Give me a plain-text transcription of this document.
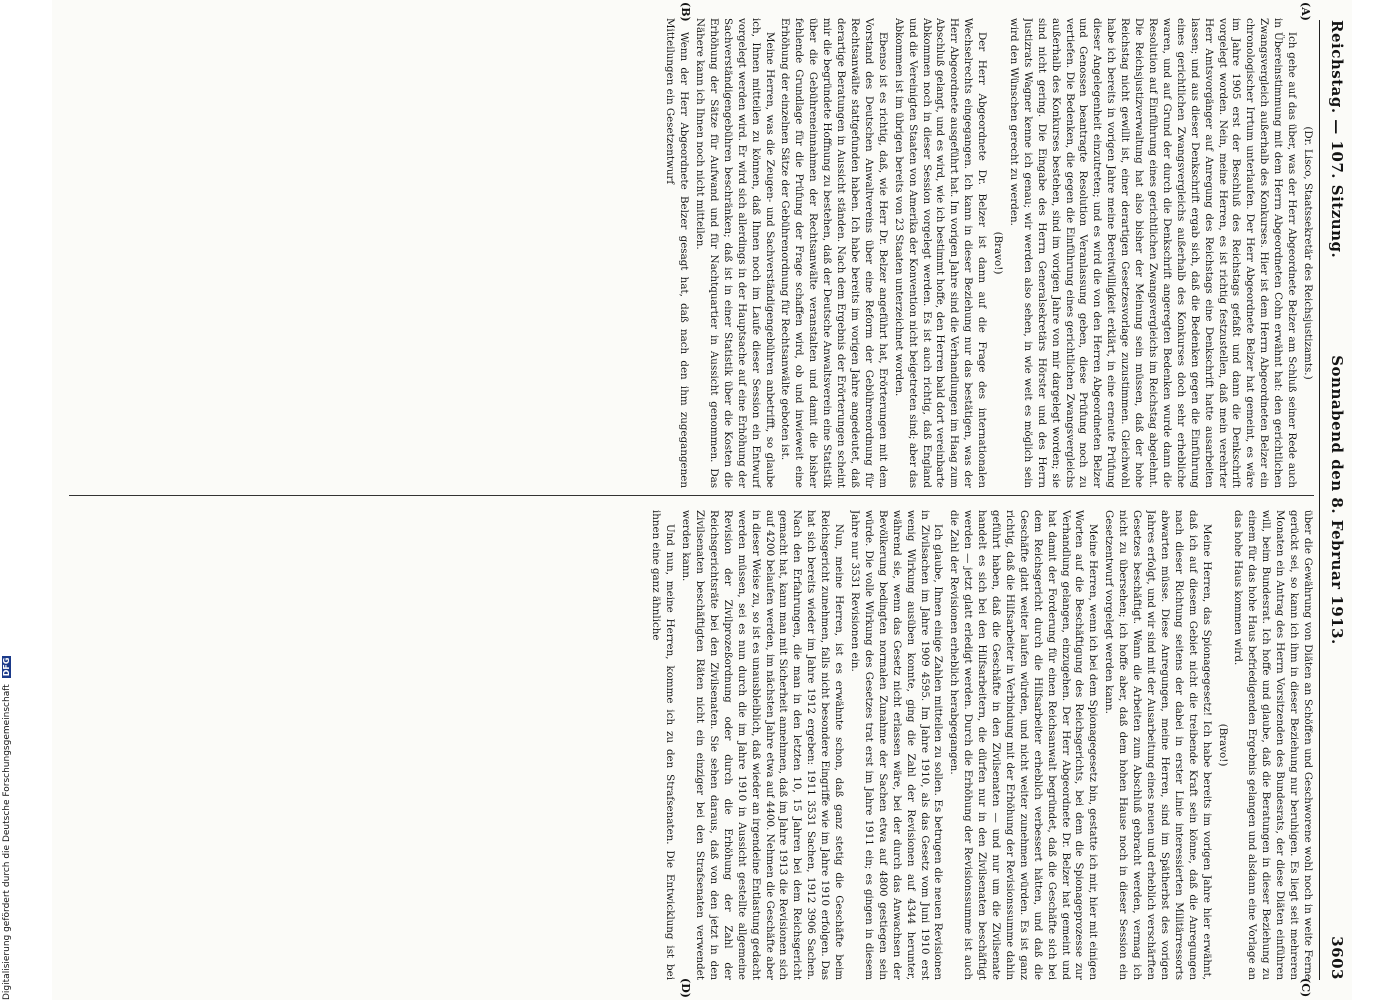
Reichstag. — 107. Sitzung.
Sonnabend den 8. Februar 1913.
3603
(A)
(B)
(C)
(D)

(Dr. Lisco, Staatssekretär des Reichsjustizamts.)

Ich gehe auf das über, was der Herr Abgeordnete Belzer am Schluß seiner Rede auch in Übereinstimmung mit dem Herrn Abgeordneten Cohn erwähnt hat: den gerichtlichen Zwangsvergleich außerhalb des Konkurses. Hier ist dem Herrn Abgeordneten Belzer ein chronologischer Irrtum unterlaufen. Der Herr Abgeordnete Belzer hat gemeint, es wäre im Jahre 1905 erst der Beschluß des Reichstags gefaßt und dann die Denkschrift vorgelegt worden. Nein, meine Herren, es ist richtig festzustellen, daß mein verehrter Herr Amtsvorgänger auf Anregung des Reichstags eine Denkschrift hatte ausarbeiten lassen; und aus dieser Denkschrift ergab sich, daß die Bedenken gegen die Einführung eines gerichtlichen Zwangsvergleichs außerhalb des Konkurses doch sehr erhebliche waren, und auf Grund der durch die Denkschrift angeregten Bedenken wurde dann die Resolution auf Einführung eines gerichtlichen Zwangsvergleichs im Reichstag abgelehnt. Die Reichsjustizverwaltung hat also bisher der Meinung sein müssen, daß der hohe Reichstag nicht gewillt ist, einer derartigen Gesetzesvorlage zuzustimmen. Gleichwohl habe ich bereits in vorigen Jahre meine Bereitwilligkeit erklärt, in eine erneute Prüfung dieser Angelegenheit einzutreten; und es wird die von den Herren Abgeordneten Belzer und Genossen beantragte Resolution Veranlassung geben, diese Prüfung noch zu vertiefen. Die Bedenken, die gegen die Einführung eines gerichtlichen Zwangsvergleichs außerhalb des Konkurses bestehen, sind im vorigen Jahre von mir dargelegt worden; sie sind nicht gering. Die Eingabe des Herrn Generalsekretärs Hörster und des Herrn Justizrats Wagner kenne ich genau; wir werden also sehen, in wie weit es möglich sein wird den Wünschen gerecht zu werden.

(Bravo!)

Der Herr Abgeordnete Dr. Belzer ist dann auf die Frage des internationalen Wechselrechts eingegangen. Ich kann in dieser Beziehung nur das bestätigen, was der Herr Abgeordnete ausgeführt hat. Im vorigen Jahre sind die Verhandlungen im Haag zum Abschluß gelangt, und es wird, wie ich bestimmt hoffe, den Herren bald dort vereinbarte Abkommen noch in dieser Session vorgelegt werden. Es ist auch richtig, daß England und die Vereinigten Staaten von Amerika der Konvention nicht beigetreten sind; aber das Abkommen ist im übrigen bereits von 23 Staaten unterzeichnet worden.

Ebenso ist es richtig, daß, wie Herr Dr. Belzer angeführt hat, Erörterungen mit dem Vorstand des Deutschen Anwaltvereins über eine Reform der Gebührenordnung für Rechtsanwälte stattgefunden haben. Ich habe bereits im vorigen Jahre angedeutet, daß derartige Beratungen in Aussicht ständen. Nach dem Ergebnis der Erörterungen scheint mir die begründete Hoffnung zu bestehen, daß der Deutsche Anwaltsverein eine Statistik über die Gebühreneinnahmen der Rechtsanwälte veranstalten und damit die bisher fehlende Grundlage für die Prüfung der Frage schaffen wird, ob und inwieweit eine Erhöhung der einzelnen Sätze der Gebührenordnung für Rechtsanwälte geboten ist.

Meine Herren, was die Zeugen- und Sachverständigengebühren anbetrifft, so glaube ich, Ihnen mitteilen zu können, daß Ihnen noch im Laufe dieser Session ein Entwurf vorgelegt werden wird. Er wird sich allerdings in der Hauptsache auf eine Erhöhung der Sachverständigengebühren beschränken; daß ist in einer Statistik über die Kosten die Erhöhung der Sätze für Aufwand und für Nachtquartier in Aussicht genommen. Das Nähere kann ich Ihnen noch nicht mitteilen.

Wenn der Herr Abgeordnete Belzer gesagt hat, daß nach den ihm zugegangenen Mitteilungen ein Gesetzentwurf

über die Gewährung von Diäten an Schöffen und Geschworene wohl noch in weite Ferne gerückt sei, so kann ich ihm in dieser Beziehung nur beruhigen. Es liegt seit mehreren Monaten ein Antrag des Herrn Vorsitzenden des Bundesrats, der diese Diäten einführen will, beim Bundesrat. Ich hoffe und glaube, daß die Beratungen in dieser Beziehung zu einem für das hohe Haus befriedigenden Ergebnis gelangen und alsdann eine Vorlage an das hohe Haus kommen wird.

(Bravo!)

Meine Herren, das Spionagegesetz! Ich habe bereits im vorigen Jahre hier erwähnt, daß ich auf diesem Gebiet nicht die treibende Kraft sein könne, daß die Anregungen nach dieser Richtung seitens der dabei in erster Linie interessierten Militärressorts abwarten müsse. Diese Anregungen, meine Herren, sind im Spätherbst des vorigen Jahres erfolgt, und wir sind mit der Ausarbeitung eines neuen und erheblich verschärften Gesetzes beschäftigt. Wann die Arbeiten zum Abschluß gebracht werden, vermag ich nicht zu übersehen; ich hoffe aber, daß dem hohen Hause noch in dieser Session ein Gesetzentwurf vorgelegt werden kann.

Meine Herren, wenn ich bei dem Spionagegesetz bin, gestatte ich mir, hier mit einigen Worten auf die Beschäftigung des Reichsgerichts, bei dem die Spionageprozesse zur Verhandlung gelangen, einzugehen. Der Herr Abgeordnete Dr. Belzer hat gemeint und hat damit der Forderung für einen Reichsanwalt begründet, daß die Geschäfte sich bei dem Reichsgericht durch die Hilfsarbeiter erheblich verbessert hätten, und daß die Geschäfte glatt weiter laufen würden, und nicht weiter zunehmen würden. Es ist ganz richtig, daß die Hilfsarbeiter in Verbindung mit der Erhöhung der Revisionssumme dahin geführt haben, daß die Geschäfte in den Zivilsenaten — und nur um die Zivilsenate handelt es sich bei den Hilfsarbeitern, die dürfen nur in den Zivilsenaten beschäftigt werden — jetzt glatt erledigt werden. Durch die Erhöhung der Revisionssumme ist auch die Zahl der Revisionen erheblich herabgegangen.

Ich glaube, Ihnen einige Zahlen mitteilen zu sollen. Es betrugen die neuen Revisionen in Zivilsachen im Jahre 1909 4595. Im Jahre 1910, als das Gesetz vom Juni 1910 erst wenig Wirkung ausüben konnte, ging die Zahl der Revisionen auf 4344 herunter, während sie, wenn das Gesetz nicht erlassen wäre, bei der durch das Anwachsen der Bevölkerung bedingten normalen Zunahme der Sachen etwa auf 4800 gestiegen sein würde. Die volle Wirkung des Gesetzes trat erst im Jahre 1911 ein; es gingen in diesem Jahre nur 3531 Revisionen ein.

Nun, meine Herren, ist es erwähnte schon, daß ganz stetig die Geschäfte beim Reichsgericht zunehmen, falls nicht besondere Eingriffe wie im Jahre 1910 erfolgen. Das hat sich bereits wieder im Jahre 1912 ergeben: 1911 3531 Sachen, 1912 3906 Sachen. Nach den Erfahrungen, die man in den letzten 10, 15 Jahren bei dem Reichsgericht gemacht hat, kann man mit Sicherheit annehmen, daß im Jahre 1913 die Revisionen sich auf 4200 belaufen werden, im nächsten Jahre etwa auf 4400. Nehmen die Geschäfte aber in dieser Weise zu, so ist es unausbleiblich, daß wieder an irgendeine Entlastung gedacht werden müssen, sei es nun durch die im Jahre 1910 in Aussicht gestellte allgemeine Revision der Zivilprozeßordnung oder durch die Erhöhung der Zahl der Reichsgerichtsräte bei den Zivilsenaten. Sie sehen daraus, daß von den jetzt in den Zivilsenaten beschäftigten Räten nicht ein einziger bei den Strafsenaten verwendet werden kann.

Und nun, meine Herren, komme ich zu den Strafsenaten. Die Entwicklung ist bei ihnen eine ganz ähnliche

Digitalisierung gefördert durch die Deutsche ForschungsgemeinschaftDFG
